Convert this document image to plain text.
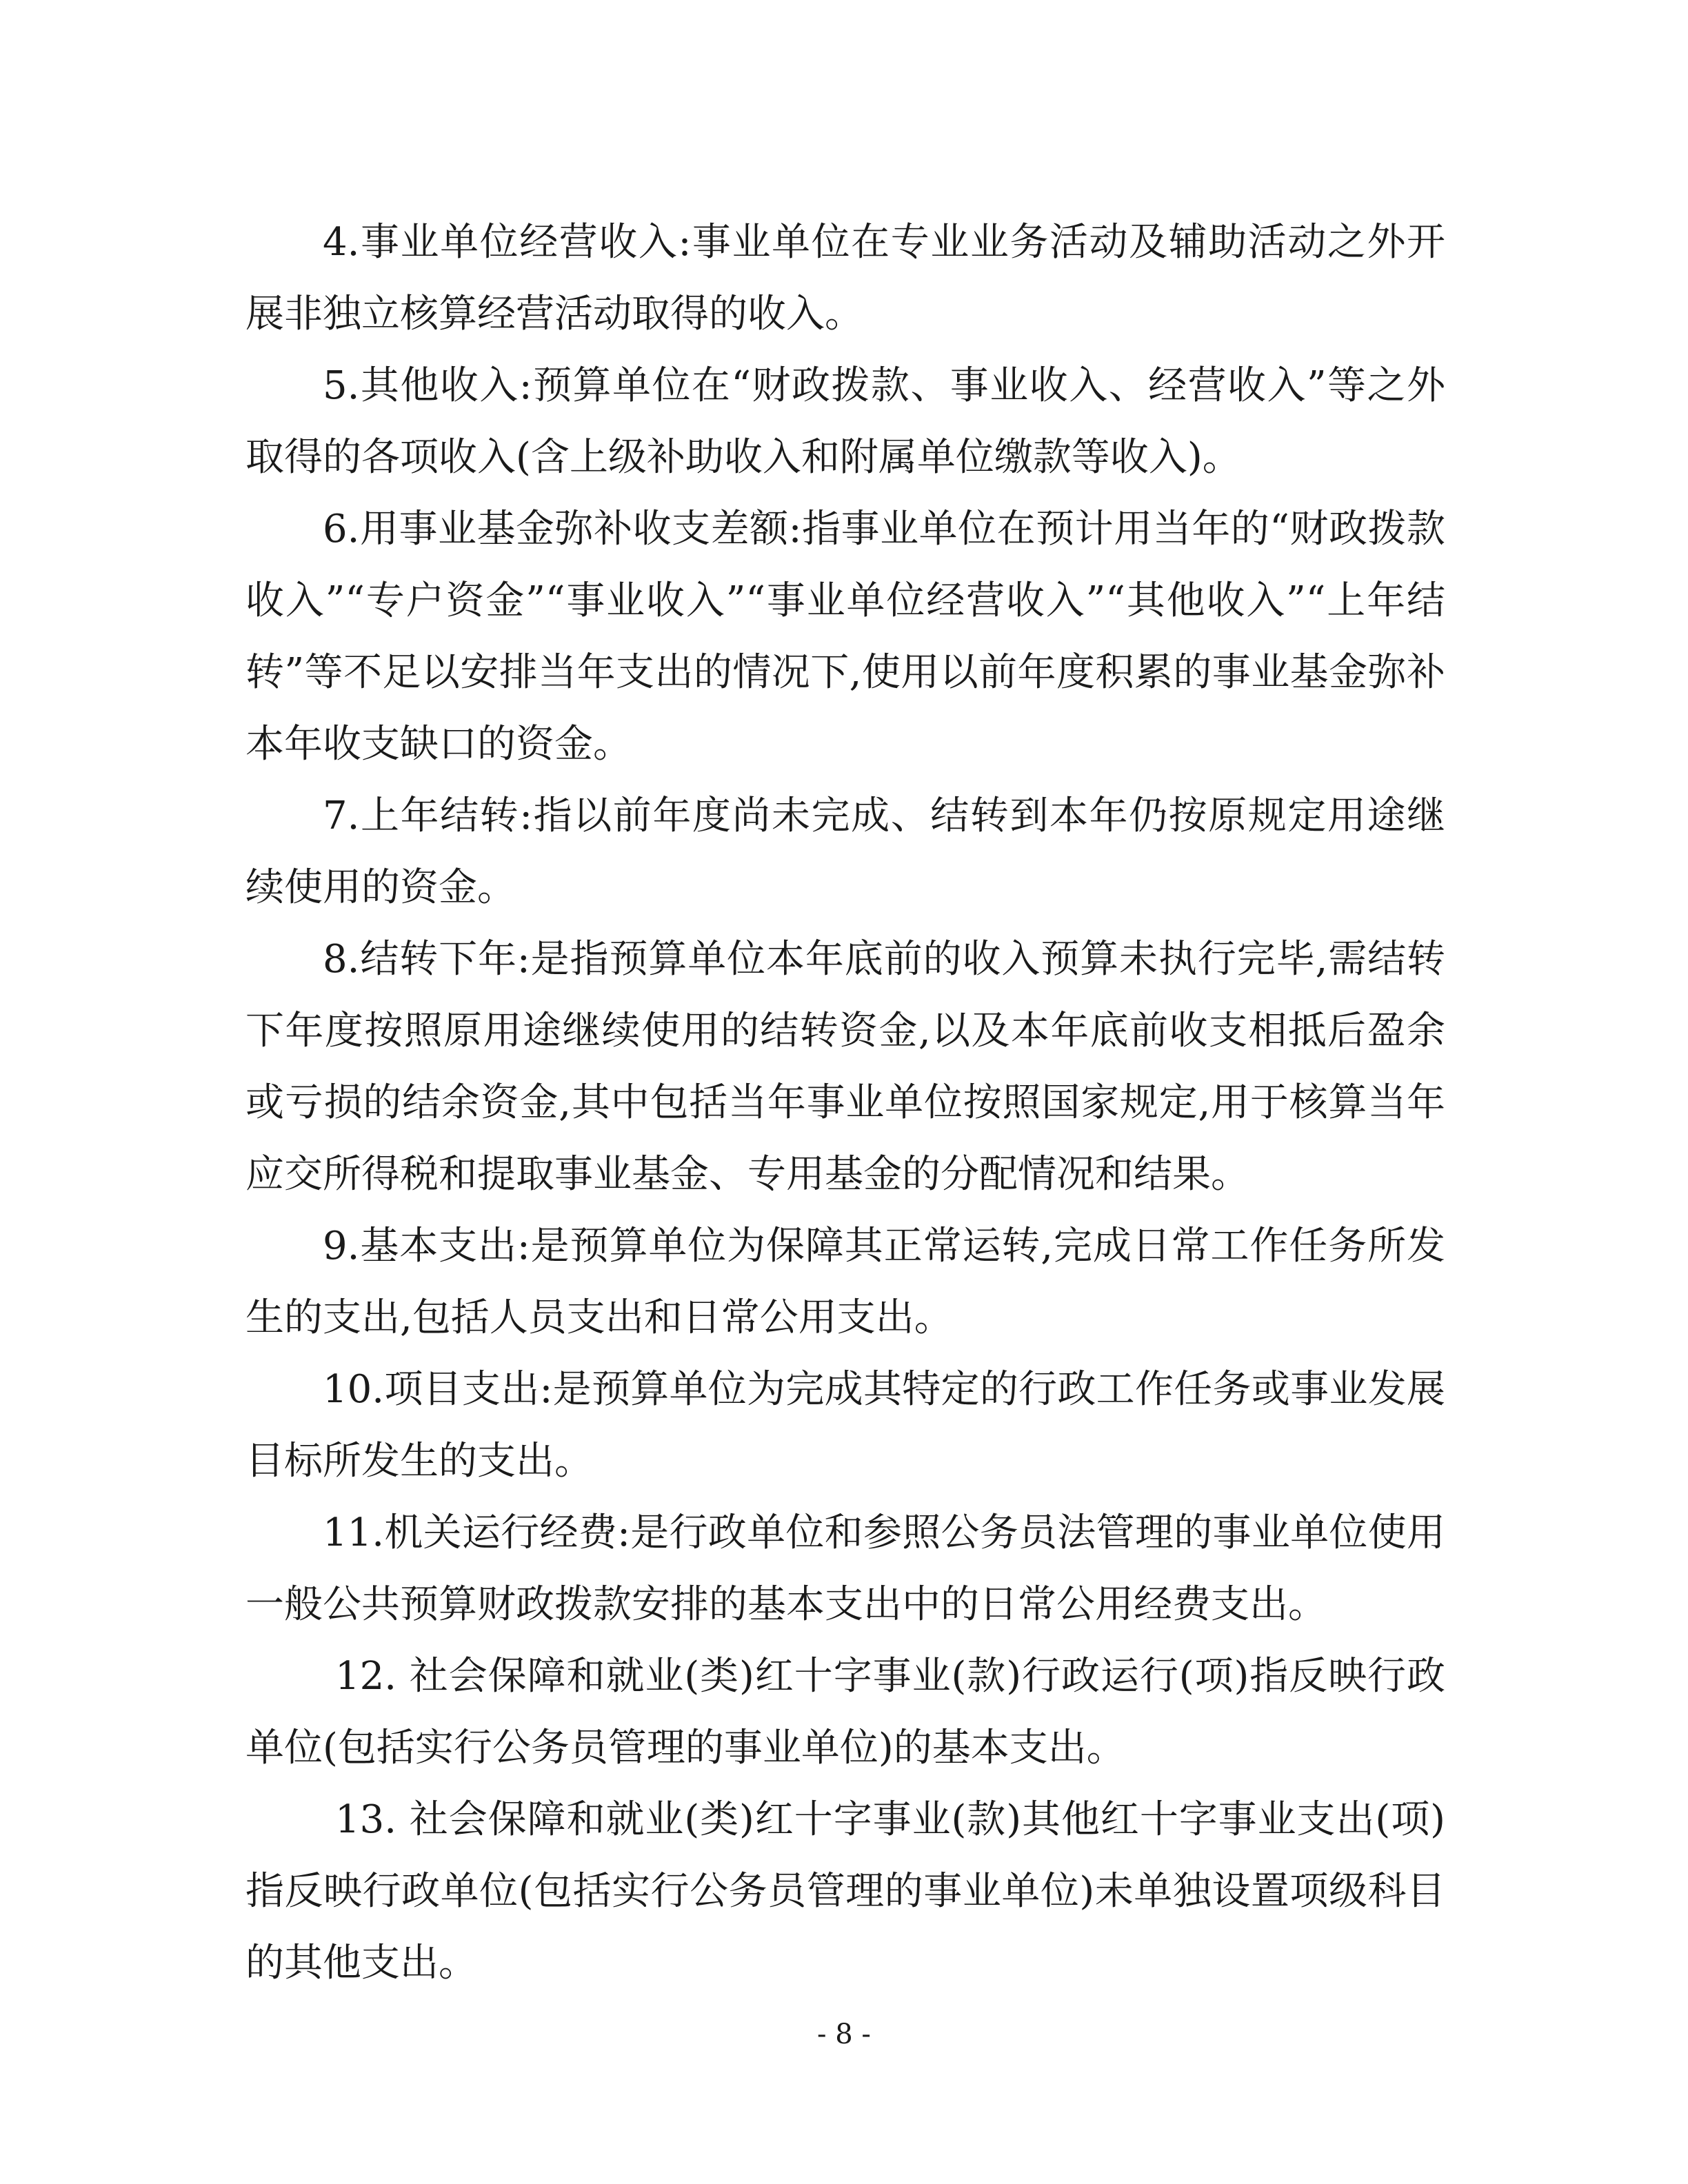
4.事业单位经营收入:事业单位在专业业务活动及辅助活动之外开展非独立核算经营活动取得的收入。

5.其他收入:预算单位在“财政拨款、事业收入、经营收入”等之外取得的各项收入(含上级补助收入和附属单位缴款等收入)。

6.用事业基金弥补收支差额:指事业单位在预计用当年的“财政拨款收入”“专户资金”“事业收入”“事业单位经营收入”“其他收入”“上年结转”等不足以安排当年支出的情况下,使用以前年度积累的事业基金弥补本年收支缺口的资金。

7.上年结转:指以前年度尚未完成、结转到本年仍按原规定用途继续使用的资金。

8.结转下年:是指预算单位本年底前的收入预算未执行完毕,需结转下年度按照原用途继续使用的结转资金,以及本年底前收支相抵后盈余或亏损的结余资金,其中包括当年事业单位按照国家规定,用于核算当年应交所得税和提取事业基金、专用基金的分配情况和结果。

9.基本支出:是预算单位为保障其正常运转,完成日常工作任务所发生的支出,包括人员支出和日常公用支出。

10.项目支出:是预算单位为完成其特定的行政工作任务或事业发展目标所发生的支出。

11.机关运行经费:是行政单位和参照公务员法管理的事业单位使用一般公共预算财政拨款安排的基本支出中的日常公用经费支出。

12. 社会保障和就业(类)红十字事业(款)行政运行(项)指反映行政单位(包括实行公务员管理的事业单位)的基本支出。

13. 社会保障和就业(类)红十字事业(款)其他红十字事业支出(项)指反映行政单位(包括实行公务员管理的事业单位)未单独设置项级科目的其他支出。

- 8 -
